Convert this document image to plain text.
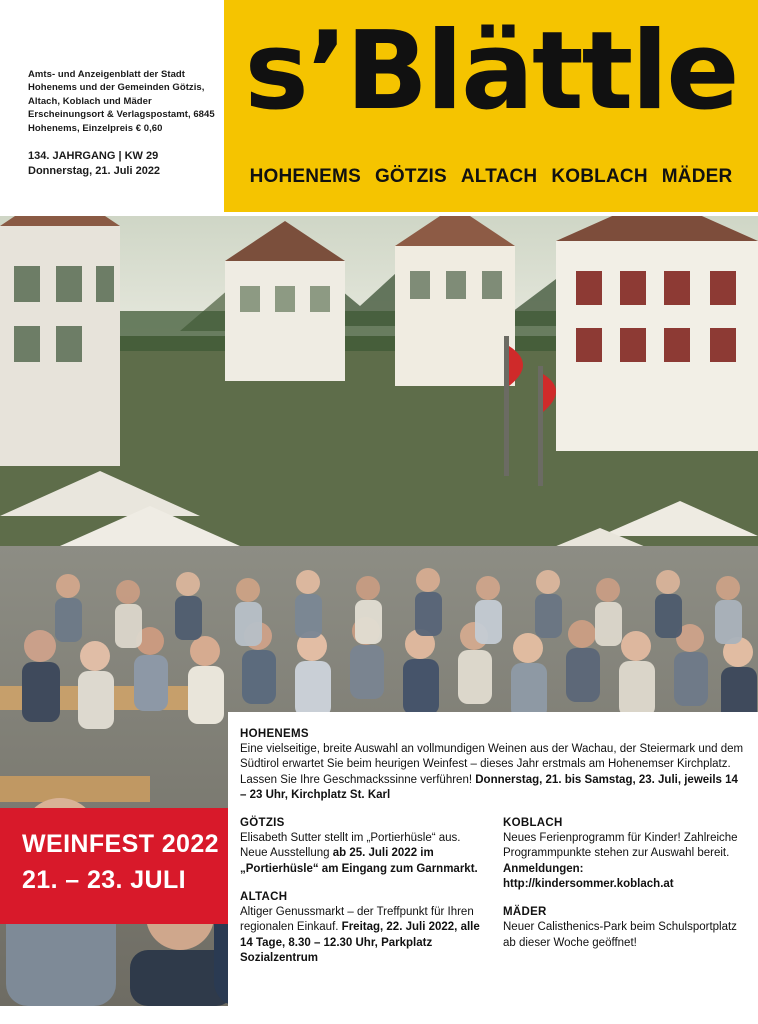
Amts- und Anzeigenblatt der Stadt Hohenems und der Gemeinden Götzis, Altach, Koblach und Mäder Erscheinungsort & Verlagspostamt, 6845 Hohenems, Einzelpreis € 0,60
134. JAHRGANG | KW 29
Donnerstag, 21. Juli 2022
s’Blättle
HOHENEMS GÖTZIS ALTACH KOBLACH MÄDER
WEINFEST 2022
21. – 23. JULI
HOHENEMS
Eine vielseitige, breite Auswahl an vollmundigen Weinen aus der Wachau, der Steiermark und dem Südtirol erwartet Sie beim heurigen Weinfest – dieses Jahr erstmals am Hohenemser Kirchplatz. Lassen Sie Ihre Geschmackssinne verführen! Donnerstag, 21. bis Samstag, 23. Juli, jeweils 14 – 23 Uhr, Kirchplatz St. Karl
GÖTZIS
Elisabeth Sutter stellt im „Portierhüsle“ aus. Neue Ausstellung ab 25. Juli 2022 im „Portierhüsle“ am Eingang zum Garnmarkt.
ALTACH
Altiger Genussmarkt – der Treffpunkt für Ihren regionalen Einkauf. Freitag, 22. Juli 2022, alle 14 Tage, 8.30 – 12.30 Uhr, Parkplatz Sozialzentrum
KOBLACH
Neues Ferienprogramm für Kinder! Zahlreiche Programmpunkte stehen zur Auswahl bereit. Anmeldungen: http://kindersommer.koblach.at
MÄDER
Neuer Calisthenics-Park beim Schulsportplatz ab dieser Woche geöffnet!
